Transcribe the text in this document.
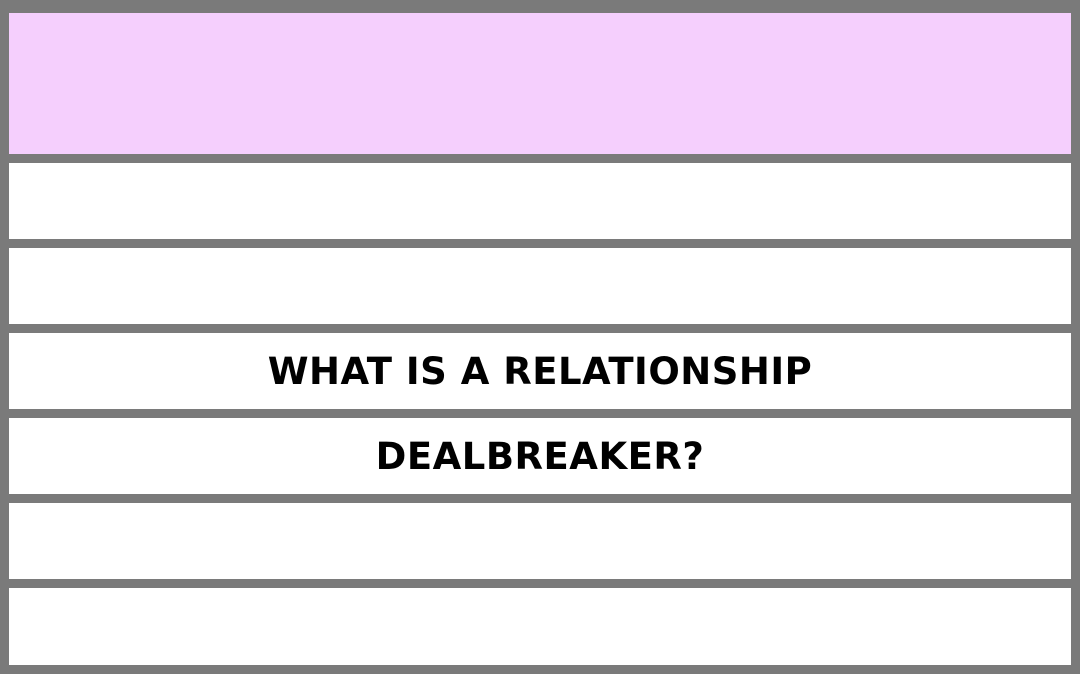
WHAT IS A RELATIONSHIP
DEALBREAKER?
